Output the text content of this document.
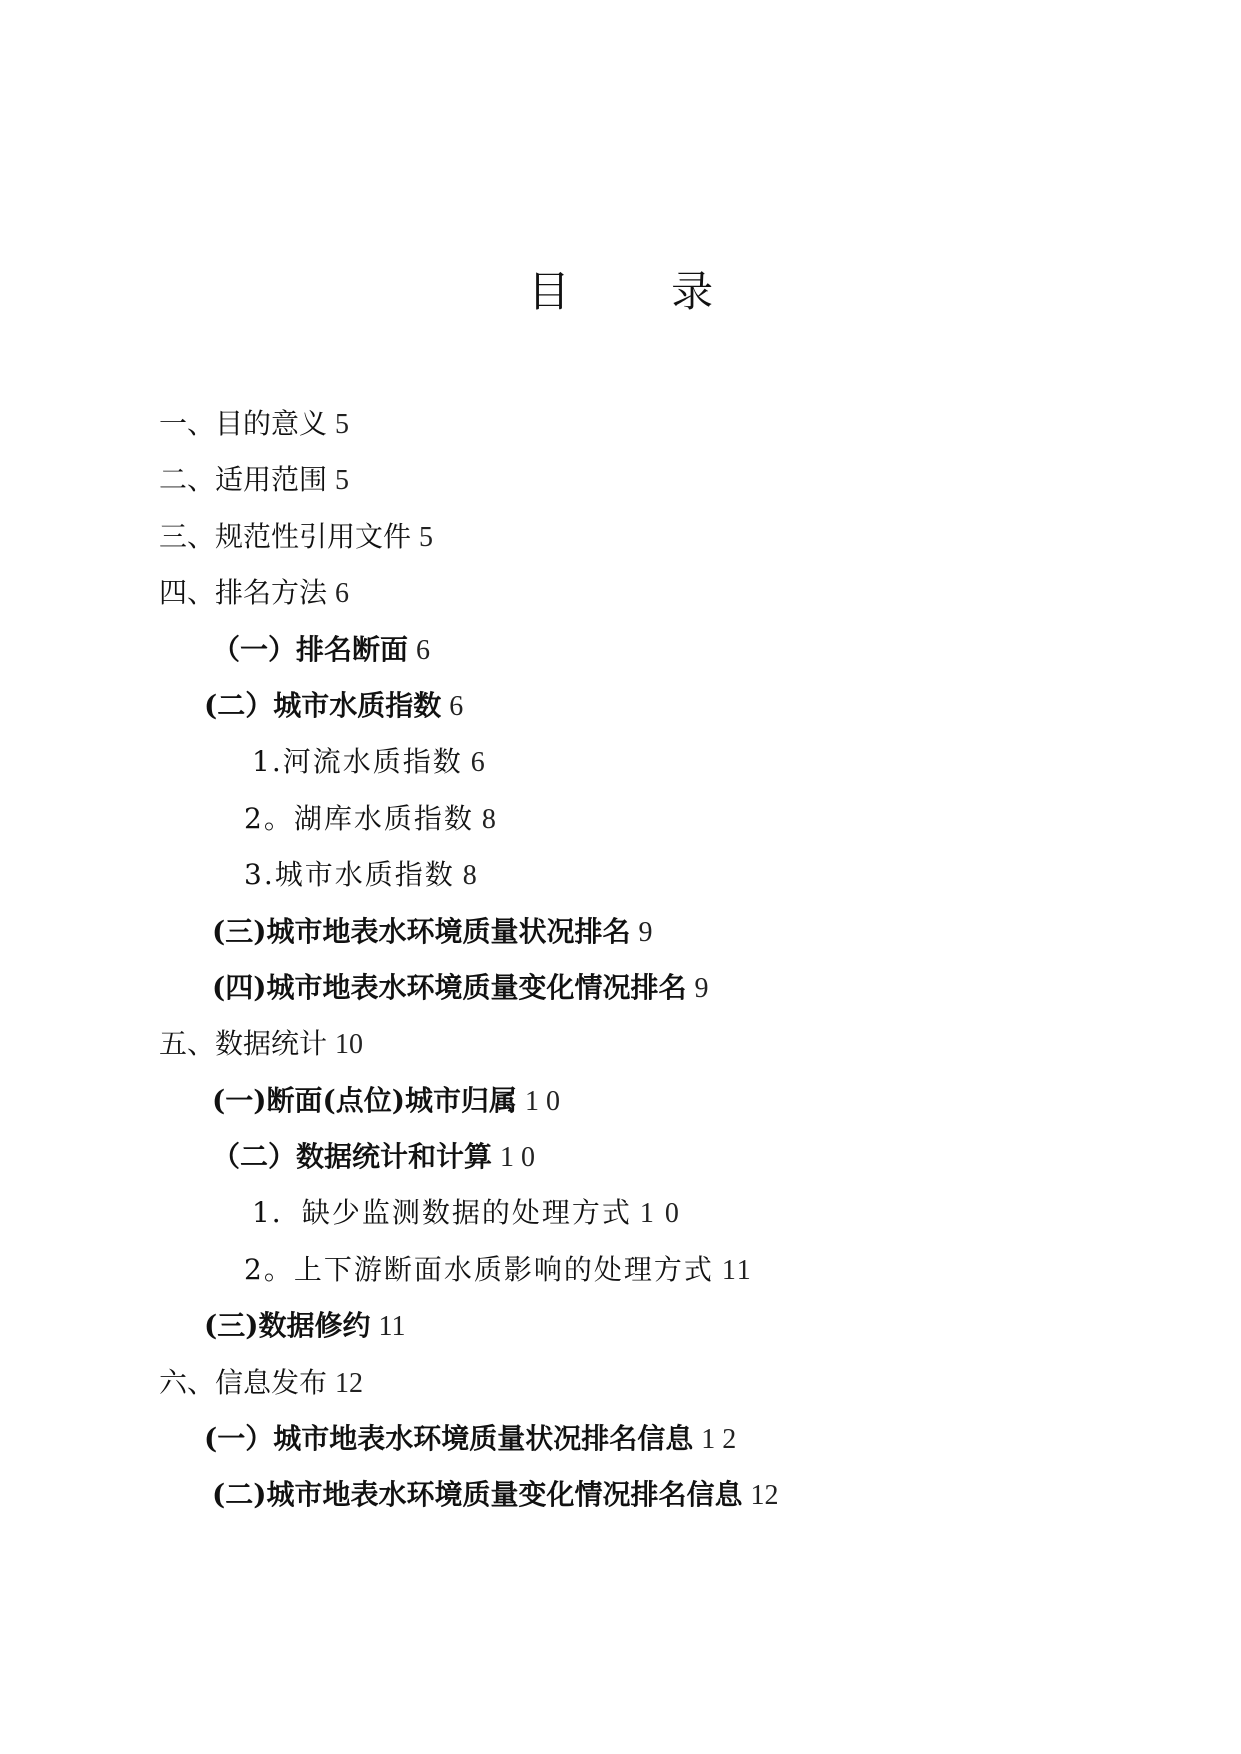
目 录
一、目的意义 5
二、适用范围 5
三、规范性引用文件 5
四、排名方法 6
（一）排名断面 6
(二）城市水质指数 6
1.河流水质指数 6
2。湖库水质指数 8
3.城市水质指数 8
(三)城市地表水环境质量状况排名 9
(四)城市地表水环境质量变化情况排名 9
五、数据统计 10
(一)断面(点位)城市归属 1 0
（二）数据统计和计算 1 0
1．缺少监测数据的处理方式 1 0
2。上下游断面水质影响的处理方式 11
(三)数据修约 11
六、信息发布 12
(一）城市地表水环境质量状况排名信息 1 2
(二)城市地表水环境质量变化情况排名信息 12
